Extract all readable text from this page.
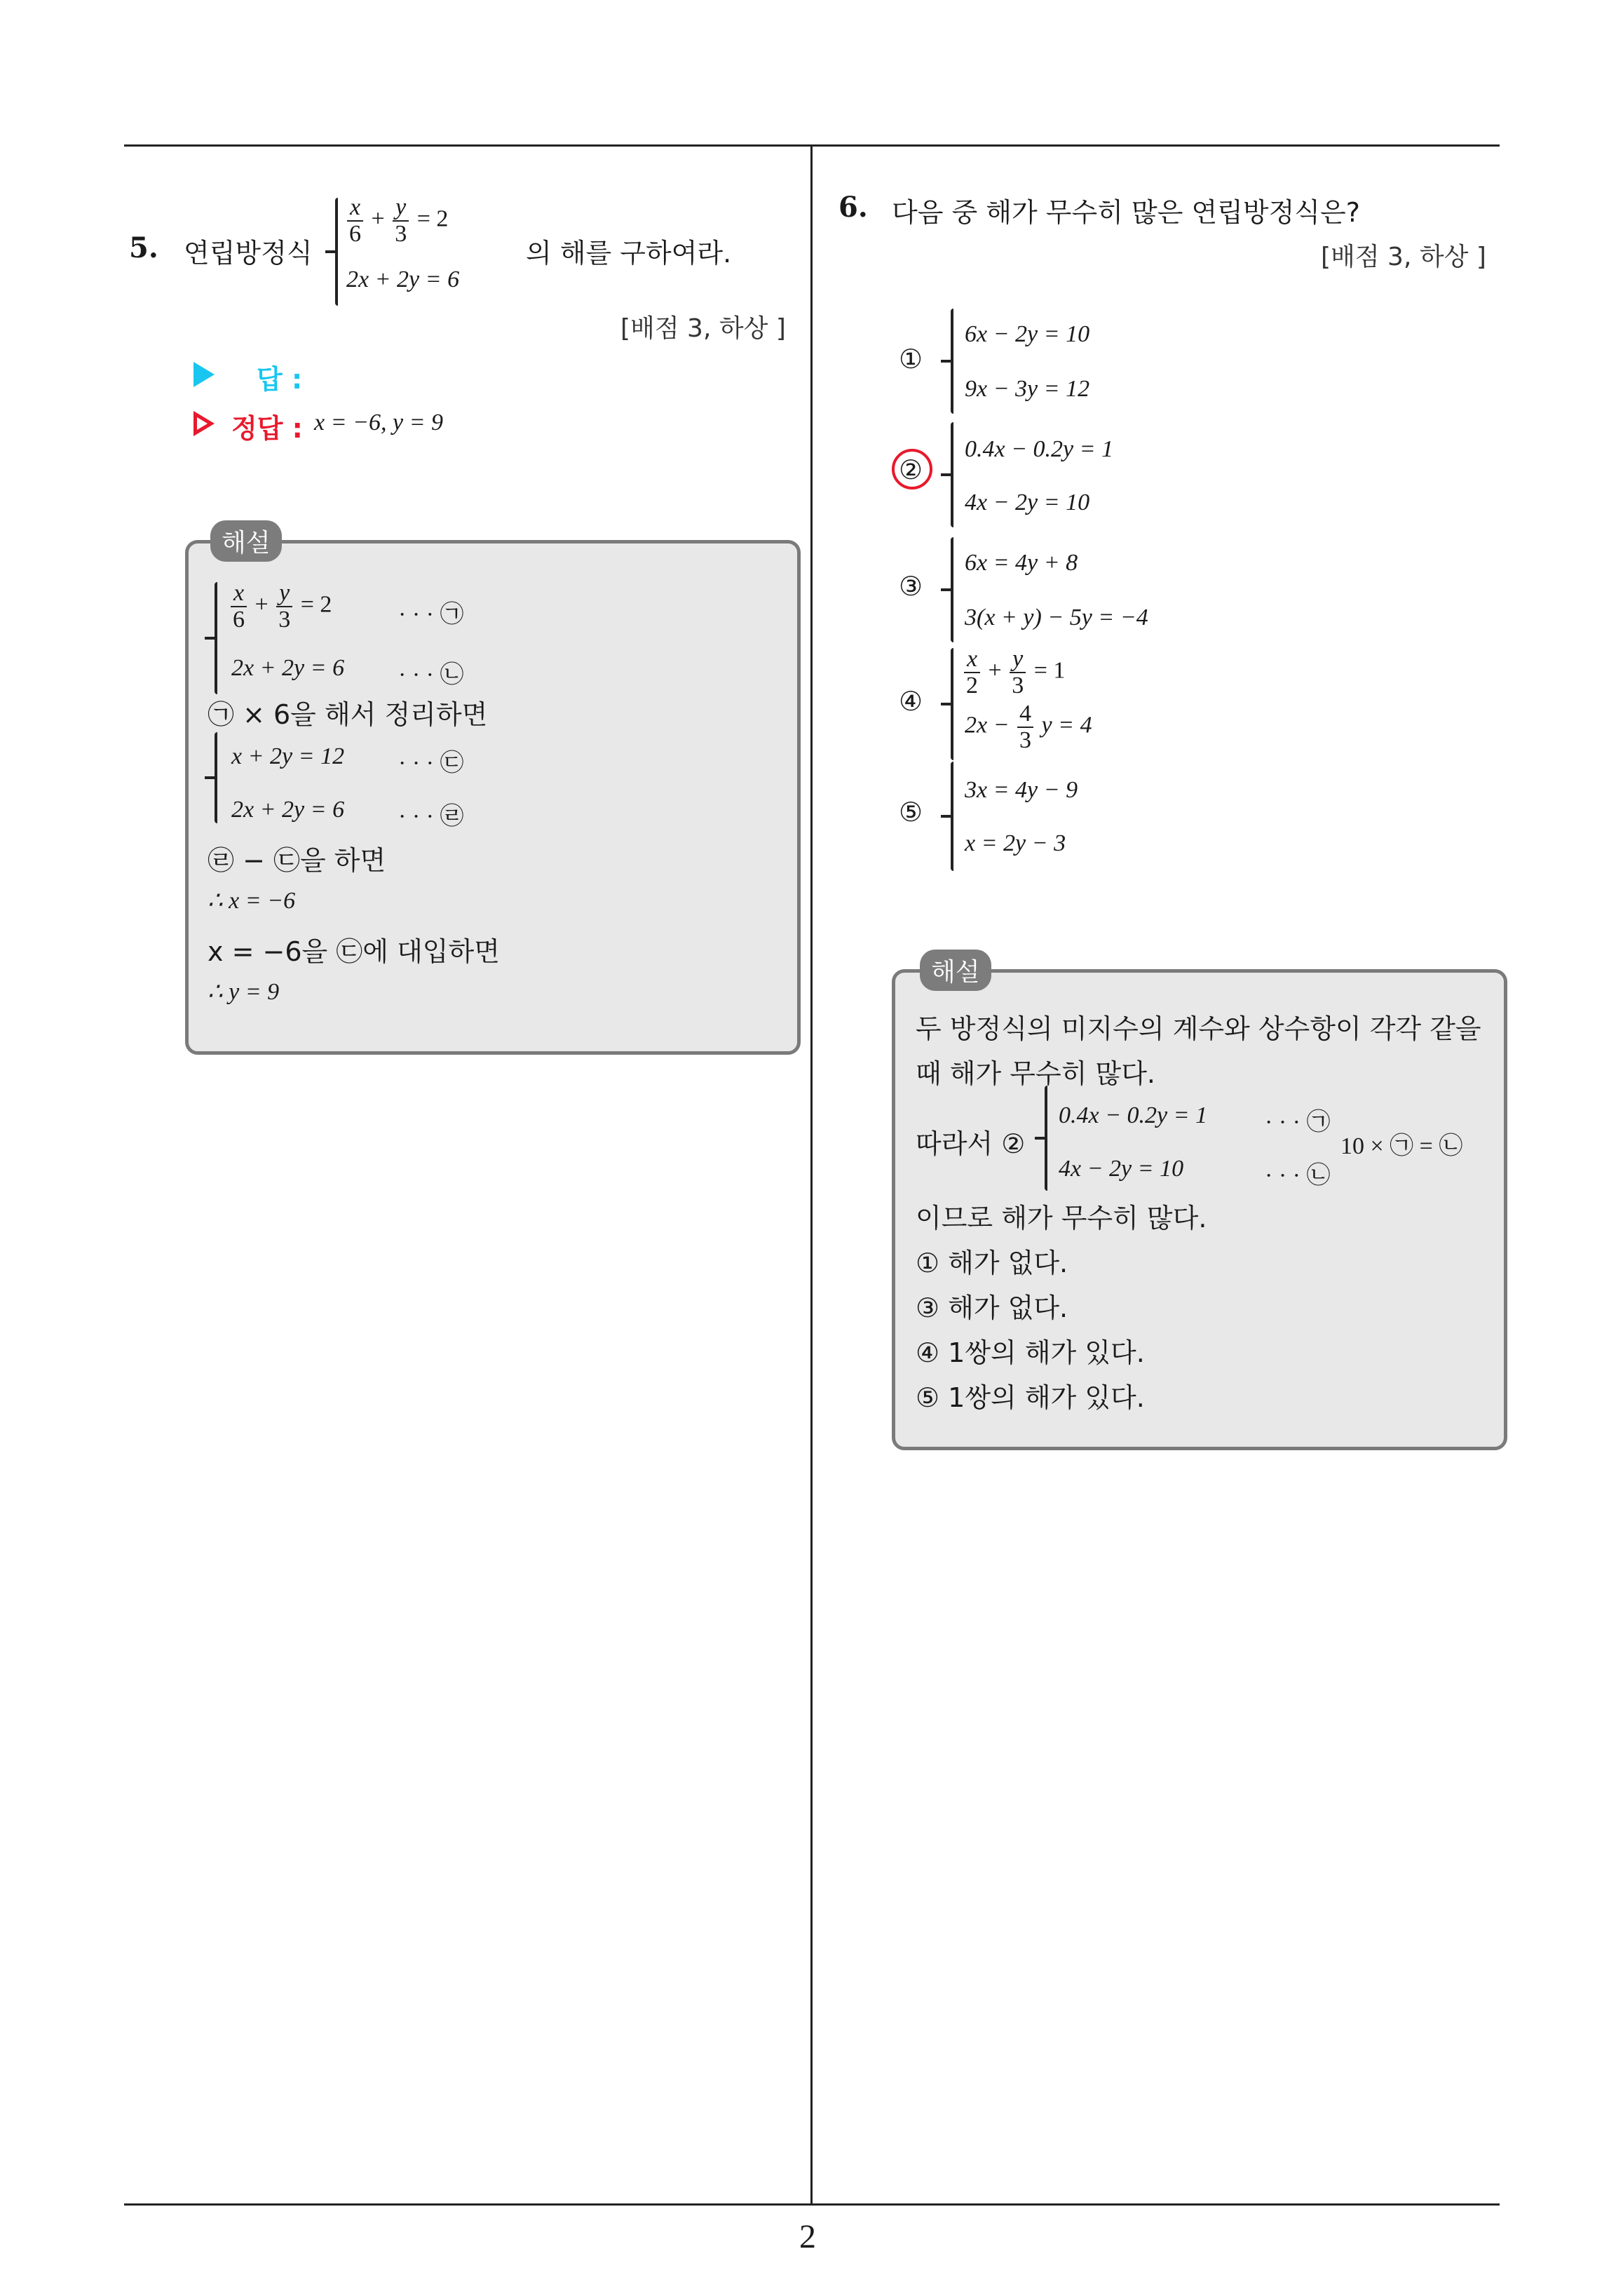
2
5. 연립방정식
$\frac{x}{6} + \frac{y}{3} = 2$
2x + 2y = 6
의 해를 구하여라.
[배점 3, 하상 ]
답 :
정답 : x = −6, y = 9
해설
$\frac{x}{6} + \frac{y}{3} = 2$	· · · ㉠
2x + 2y = 6 · · · ㉡
㉠ × 6을 해서 정리하면
x + 2y = 12 · · · ㉢
2x + 2y = 6 · · · ㉣
㉣ − ㉢을 하면
∴ x = −6
x = −6을 ㉢에 대입하면
∴ y = 9
6. 다음 중 해가 무수히 많은 연립방정식은?
[배점 3, 하상 ]
①
6x − 2y = 10
9x − 3y = 12
②
0.4x − 0.2y = 1
4x − 2y = 10
③
6x = 4y + 8
3(x + y) − 5y = −4
④
$\frac{x}{2} + \frac{y}{3} = 1$
$2x - \frac{4}{3}$ y = 4
⑤
3x = 4y − 9
x = 2y − 3
해설
두 방정식의 미지수의 계수와 상수항이 각각 같을
때 해가 무수히 많다.
따라서 ②
0.4x − 0.2y = 1 · · · ㉠
4x − 2y = 10	· · · ㉡
10 × ㉠ = ㉡
이므로 해가 무수히 많다.
① 해가 없다.
③ 해가 없다.
④ 1쌍의 해가 있다.
⑤ 1쌍의 해가 있다.
